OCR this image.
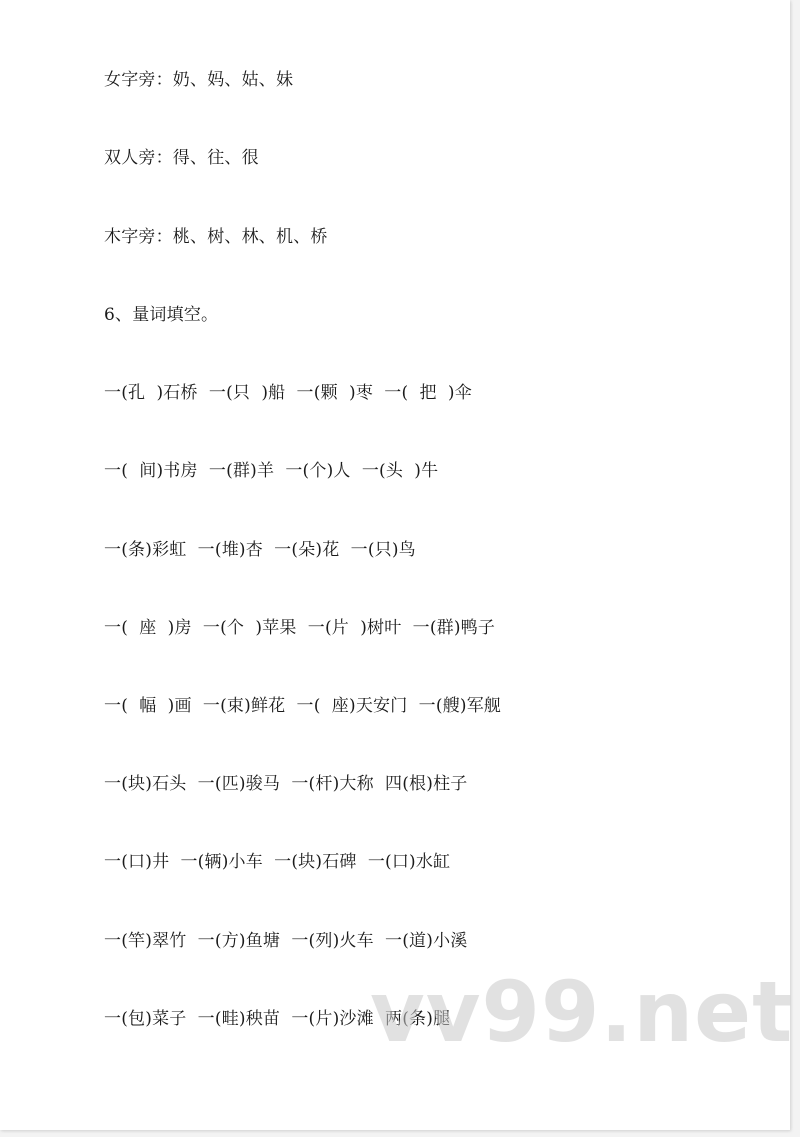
女字旁：奶、妈、姑、妹
双人旁：得、往、很
木字旁：桃、树、林、机、桥
6、量词填空。
一(孔  )石桥  一(只  )船  一(颗  )枣  一(  把  )伞
一(  间)书房  一(群)羊  一(个)人  一(头  )牛
一(条)彩虹  一(堆)杏  一(朵)花  一(只)鸟
一(  座  )房  一(个  )苹果  一(片  )树叶  一(群)鸭子
一(  幅  )画  一(束)鲜花  一(  座)天安门  一(艘)军舰
一(块)石头  一(匹)骏马  一(杆)大称  四(根)柱子
一(口)井  一(辆)小车  一(块)石碑  一(口)水缸
一(竿)翠竹  一(方)鱼塘  一(列)火车  一(道)小溪
一(包)菜子  一(畦)秧苗  一(片)沙滩  两(条)腿
vv99.net
